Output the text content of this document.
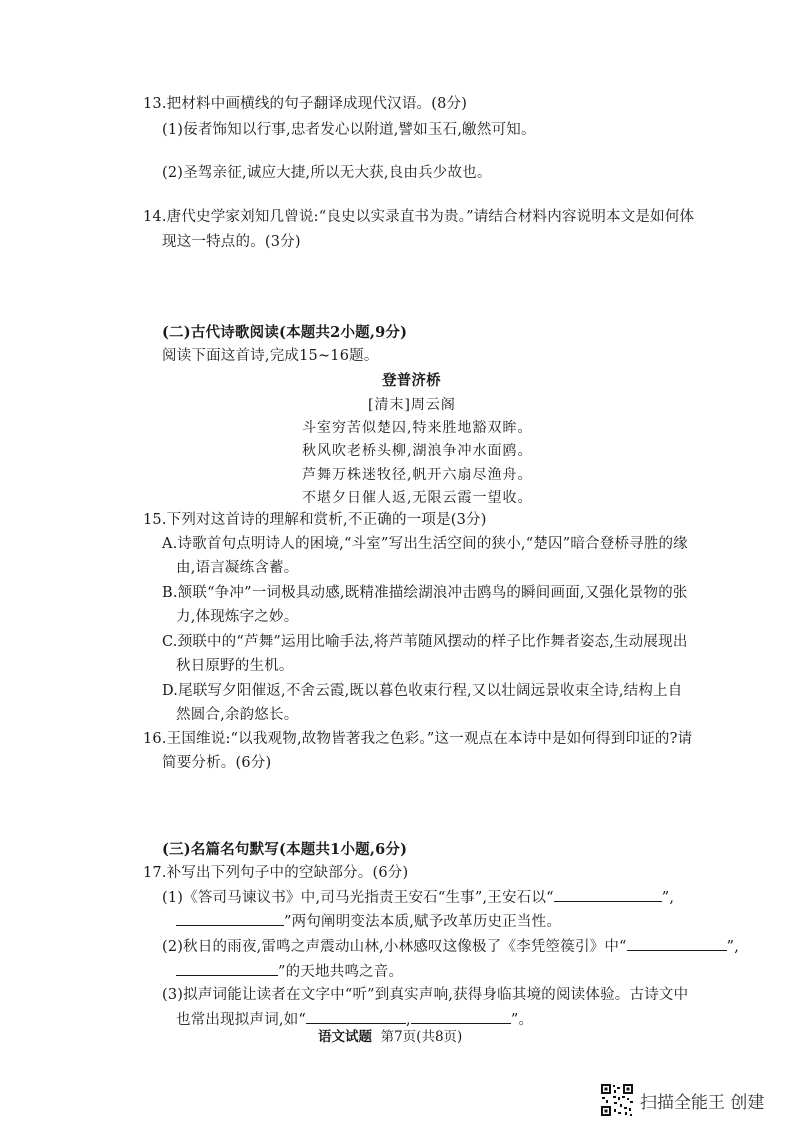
13.把材料中画横线的句子翻译成现代汉语。(8分)
(1)佞者饰知以行事,忠者发心以附道,譬如玉石,皦然可知。
(2)圣驾亲征,诚应大捷,所以无大获,良由兵少故也。
14.唐代史学家刘知几曾说:“良史以实录直书为贵。”请结合材料内容说明本文是如何体
现这一特点的。(3分)
(二)古代诗歌阅读(本题共2小题,9分)
阅读下面这首诗,完成15~16题。
登普济桥
[清末]周云阁
斗室穷苦似楚囚,特来胜地豁双眸。
秋风吹老桥头柳,湖浪争冲水面鸥。
芦舞万株迷牧径,帆开六扇尽渔舟。
不堪夕日催人返,无限云霞一望收。
15.下列对这首诗的理解和赏析,不正确的一项是(3分)
A.诗歌首句点明诗人的困境,“斗室”写出生活空间的狭小,“楚囚”暗合登桥寻胜的缘
由,语言凝练含蓄。
B.颔联“争冲”一词极具动感,既精准描绘湖浪冲击鸥鸟的瞬间画面,又强化景物的张
力,体现炼字之妙。
C.颈联中的“芦舞”运用比喻手法,将芦苇随风摆动的样子比作舞者姿态,生动展现出
秋日原野的生机。
D.尾联写夕阳催返,不舍云霞,既以暮色收束行程,又以壮阔远景收束全诗,结构上自
然圆合,余韵悠长。
16.王国维说:“以我观物,故物皆著我之色彩。”这一观点在本诗中是如何得到印证的?请
简要分析。(6分)
(三)名篇名句默写(本题共1小题,6分)
17.补写出下列句子中的空缺部分。(6分)
(1)《答司马谏议书》中,司马光指责王安石“生事”,王安石以“	”,
”两句阐明变法本质,赋予改革历史正当性。
(2)秋日的雨夜,雷鸣之声震动山林,小林感叹这像极了《李凭箜篌引》中“	”,
”的天地共鸣之音。
(3)拟声词能让读者在文字中“听”到真实声响,获得身临其境的阅读体验。古诗文中
也常出现拟声词,如“	,	”。
语文试题 第7页(共8页)
扫描全能王 创建
